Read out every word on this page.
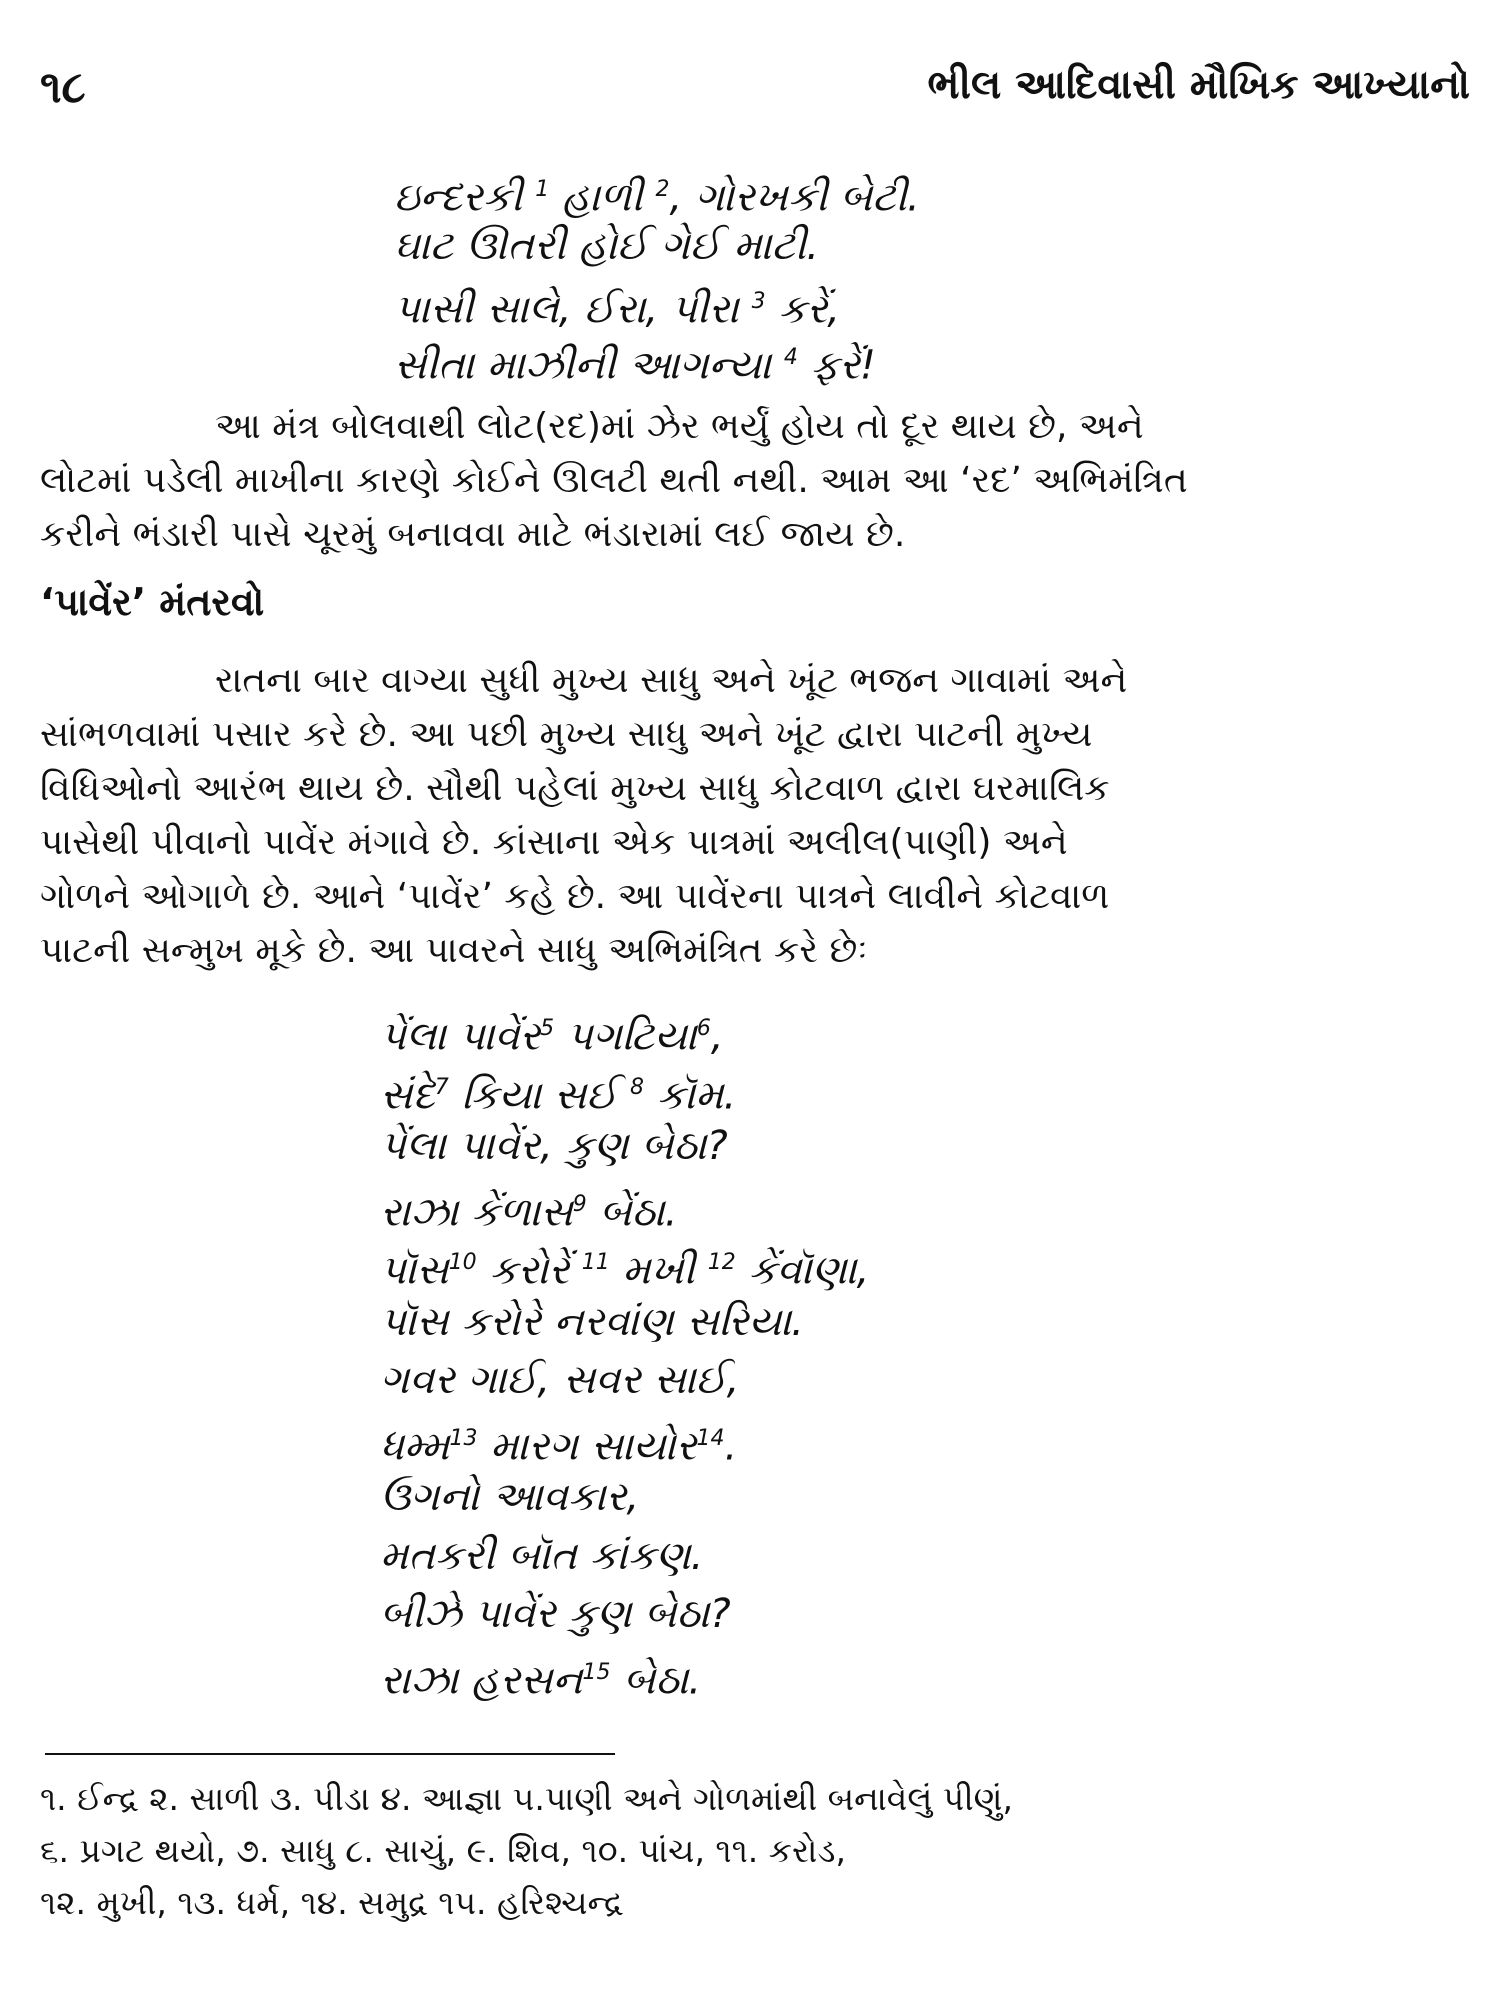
૧૮	ભીલ આદિવાસી મૌખિક આખ્યાનો
ઇન્દરકી $^1$ હાળી $^2$, ગોરખકી બેટી.
ઘાટ ઊતરી હોઈ ગેઈ માટી.
પાસી સાલે, ઈરા, પીરા $^3$ કરેં,
સીતા માઝીની આગન્યા $^4$ ફરેં!
આ મંત્ર બોલવાથી લોટ(રદ)માં ઝેર ભર્યું હોય તો દૂર થાય છે, અને
લોટમાં પડેલી માખીના કારણે કોઈને ઊલટી થતી નથી. આમ આ ‘રદ’ અભિમંત્રિત
કરીને ભંડારી પાસે ચૂરમું બનાવવા માટે ભંડારામાં લઈ જાય છે.
‘પાવેંર’ મંતરવો
રાતના બાર વાગ્યા સુધી મુખ્ય સાધુ અને ખૂંટ ભજન ગાવામાં અને
સાંભળવામાં પસાર કરે છે. આ પછી મુખ્ય સાધુ અને ખૂંટ દ્વારા પાટની મુખ્ય
વિધિઓનો આરંભ થાય છે. સૌથી પહેલાં મુખ્ય સાધુ કોટવાળ દ્વારા ઘરમાલિક
પાસેથી પીવાનો પાવેંર મંગાવે છે. કાંસાના એક પાત્રમાં અલીલ(પાણી) અને
ગોળને ઓગાળે છે. આને ‘પાવેંર’ કહે છે. આ પાવેંરના પાત્રને લાવીને કોટવાળ
પાટની સન્મુખ મૂકે છે. આ પાવરને સાધુ અભિમંત્રિત કરે છેઃ
પેંલા પાવેંર$^5$ પગટિયા$^6$,
સંદે$^7$ કિયા સઈ $^8$ કૉમ.
પેંલા પાવેંર, કુણ બેઠા?
રાઝા કેંળાસ$^9$ બેંઠા.
પૉસ$^{10}$ કરોરેં $^{11}$ મખી $^{12}$ કેંવૉણા,
પૉસ કરોરે નરવાંણ સરિયા.
ગવર ગાઈ, સવર સાઈ,
ધમ્મ$^{13}$ મારગ સાયોર$^{14}$.
ઉગનો આવકાર,
મતકરી બૉત કાંકણ.
બીઝે પાવેંર કુણ બેઠા?
રાઝા હરસન$^{15}$ બેઠા.
૧. ઈન્દ્ર ૨. સાળી ૩. પીડા ૪. આજ્ઞા ૫.પાણી અને ગોળમાંથી બનાવેલું પીણું,
૬. પ્રગટ થયો, ૭. સાધુ ૮. સાચું, ૯. શિવ, ૧૦. પાંચ, ૧૧. કરોડ,
૧૨. મુખી, ૧૩. ધર્મ, ૧૪. સમુદ્ર ૧૫. હરિશ્ચન્દ્ર
